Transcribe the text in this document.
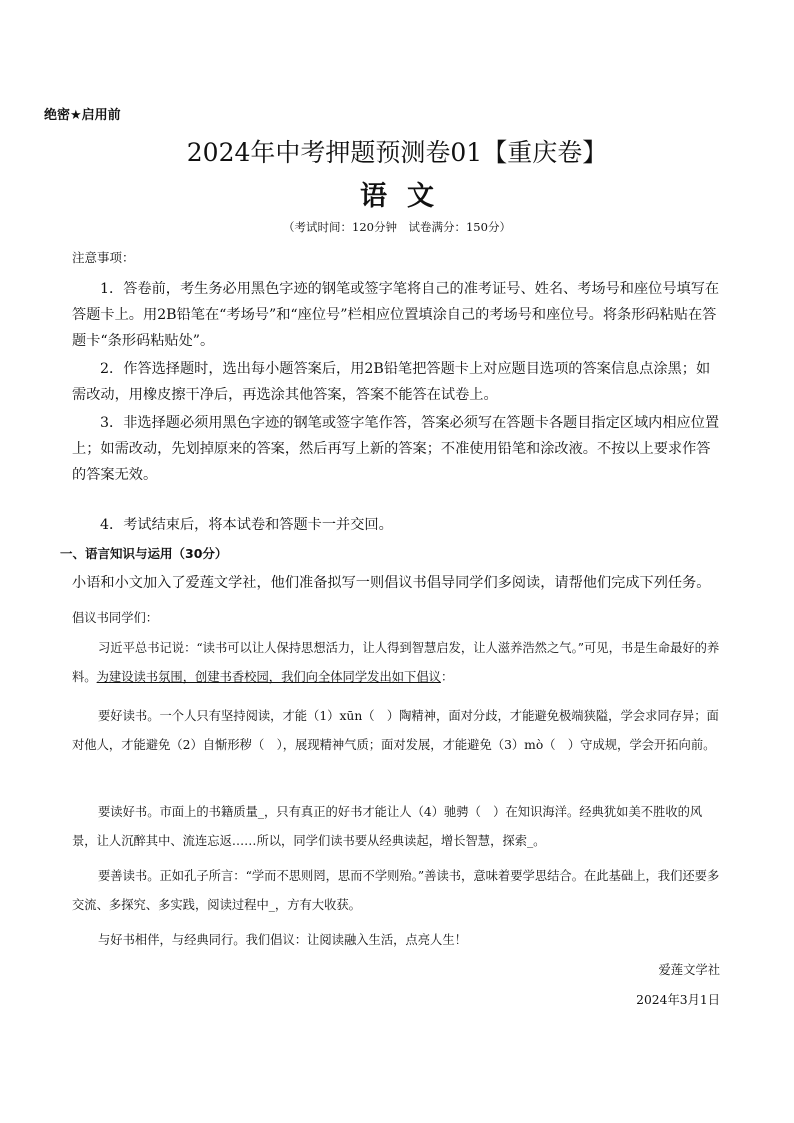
绝密★启用前
2024年中考押题预测卷01【重庆卷】
语文
（考试时间：120分钟　试卷满分：150分）
注意事项：
1．答卷前，考生务必用黑色字迹的钢笔或签字笔将自己的准考证号、姓名、考场号和座位号填写在答题卡上。用2B铅笔在“考场号”和“座位号”栏相应位置填涂自己的考场号和座位号。将条形码粘贴在答题卡“条形码粘贴处”。
2．作答选择题时，选出每小题答案后，用2B铅笔把答题卡上对应题目选项的答案信息点涂黑；如需改动，用橡皮擦干净后，再选涂其他答案，答案不能答在试卷上。
3．非选择题必须用黑色字迹的钢笔或签字笔作答，答案必须写在答题卡各题目指定区域内相应位置上；如需改动，先划掉原来的答案，然后再写上新的答案；不准使用铅笔和涂改液。不按以上要求作答的答案无效。
4．考试结束后，将本试卷和答题卡一并交回。
一、语言知识与运用（30分）
小语和小文加入了爱莲文学社，他们准备拟写一则倡议书倡导同学们多阅读，请帮他们完成下列任务。
倡议书同学们：
习近平总书记说：“读书可以让人保持思想活力，让人得到智慧启发，让人滋养浩然之气。”可见，书是生命最好的养料。为建设读书氛围，创建书香校园，我们向全体同学发出如下倡议：
要好读书。一个人只有坚持阅读，才能（1）xūn（　）陶精神，面对分歧，才能避免极端狭隘，学会求同存异；面对他人，才能避免（2）自惭形秽（　），展现精神气质；面对发展，才能避免（3）mò（　）守成规，学会开拓向前。
要读好书。市面上的书籍质量_，只有真正的好书才能让人（4）驰骋（　）在知识海洋。经典犹如美不胜收的风景，让人沉醉其中、流连忘返……所以，同学们读书要从经典读起，增长智慧，探索_。
要善读书。正如孔子所言：“学而不思则罔，思而不学则殆。”善读书，意味着要学思结合。在此基础上，我们还要多交流、多探究、多实践，阅读过程中_，方有大收获。
与好书相伴，与经典同行。我们倡议：让阅读融入生活，点亮人生！
爱莲文学社
2024年3月1日
